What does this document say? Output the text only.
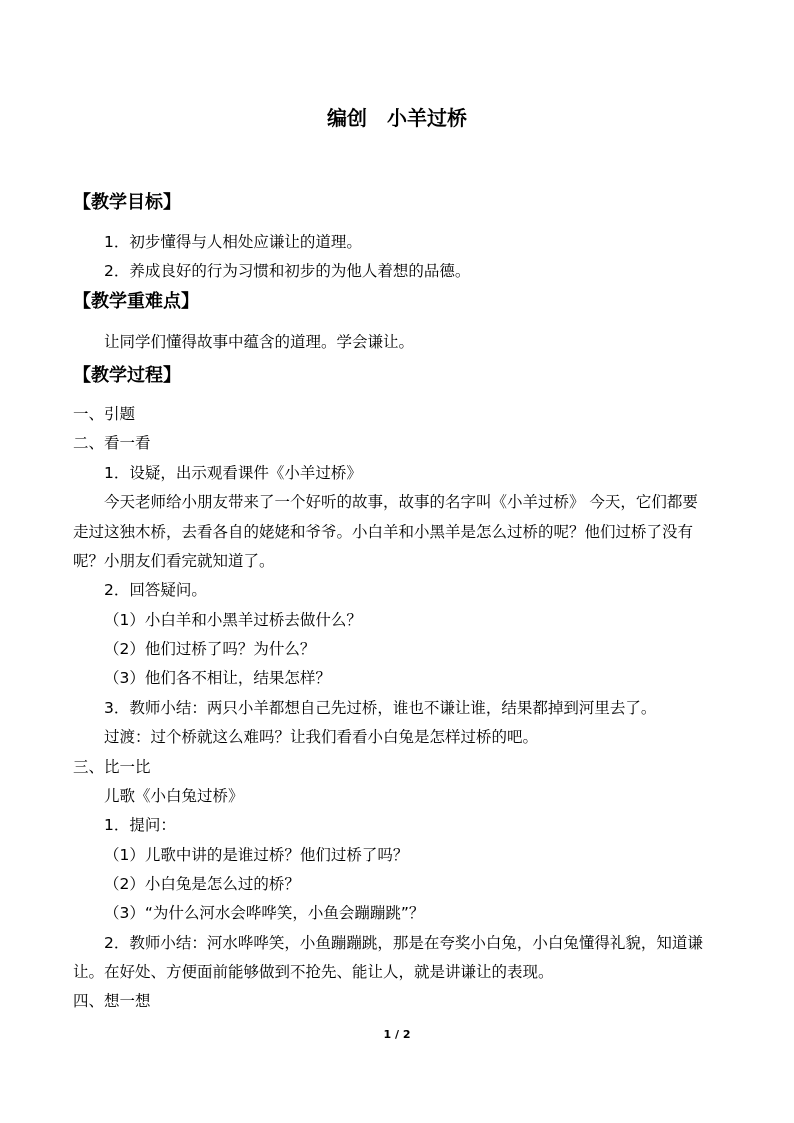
编创　小羊过桥
【教学目标】
1．初步懂得与人相处应谦让的道理。
2．养成良好的行为习惯和初步的为他人着想的品德。
【教学重难点】
让同学们懂得故事中蕴含的道理。学会谦让。
【教学过程】
一、引题
二、看一看
1．设疑，出示观看课件《小羊过桥》
今天老师给小朋友带来了一个好听的故事，故事的名字叫《小羊过桥》 今天，它们都要
走过这独木桥，去看各自的姥姥和爷爷。小白羊和小黑羊是怎么过桥的呢？他们过桥了没有
呢？小朋友们看完就知道了。
2．回答疑问。
（1）小白羊和小黑羊过桥去做什么？
（2）他们过桥了吗？为什么？
（3）他们各不相让，结果怎样？
3．教师小结：两只小羊都想自己先过桥，谁也不谦让谁，结果都掉到河里去了。
过渡：过个桥就这么难吗？让我们看看小白兔是怎样过桥的吧。
三、比一比
儿歌《小白兔过桥》
1．提问：
（1）儿歌中讲的是谁过桥？他们过桥了吗？
（2）小白兔是怎么过的桥？
（3）“为什么河水会哗哗笑，小鱼会蹦蹦跳”？
2．教师小结：河水哗哗笑，小鱼蹦蹦跳，那是在夸奖小白兔，小白兔懂得礼貌，知道谦
让。在好处、方便面前能够做到不抢先、能让人，就是讲谦让的表现。
四、想一想
1 / 2
